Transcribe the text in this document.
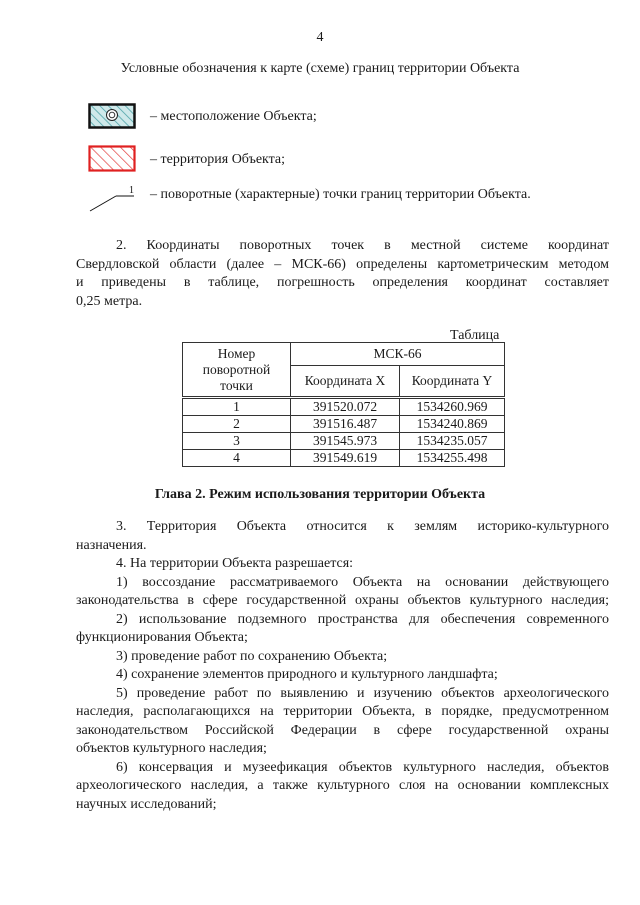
4
Условные обозначения к карте (схеме) границ территории Объекта
– местоположение Объекта;
– территория Объекта;
1 – поворотные (характерные) точки границ территории Объекта.
2. Координаты поворотных точек в местной системе координат
Свердловской области (далее – МСК-66) определены картометрическим методом
и приведены в таблице, погрешность определения координат составляет
0,25 метра.
Таблица
Номер поворотной точки	МСК-66	
	Координата X	Координата Y
1	391520.072	1534260.969
2	391516.487	1534240.869
3	391545.973	1534235.057
4	391549.619	1534255.498
Глава 2. Режим использования территории Объекта
3. Территория Объекта относится к землям историко-культурного
назначения.
4. На территории Объекта разрешается:
1) воссоздание рассматриваемого Объекта на основании действующего
законодательства в сфере государственной охраны объектов культурного наследия;
2) использование подземного пространства для обеспечения современного
функционирования Объекта;
3) проведение работ по сохранению Объекта;
4) сохранение элементов природного и культурного ландшафта;
5) проведение работ по выявлению и изучению объектов археологического
наследия, располагающихся на территории Объекта, в порядке, предусмотренном
законодательством Российской Федерации в сфере государственной охраны
объектов культурного наследия;
6) консервация и музеефикация объектов культурного наследия, объектов
археологического наследия, а также культурного слоя на основании комплексных
научных исследований;
